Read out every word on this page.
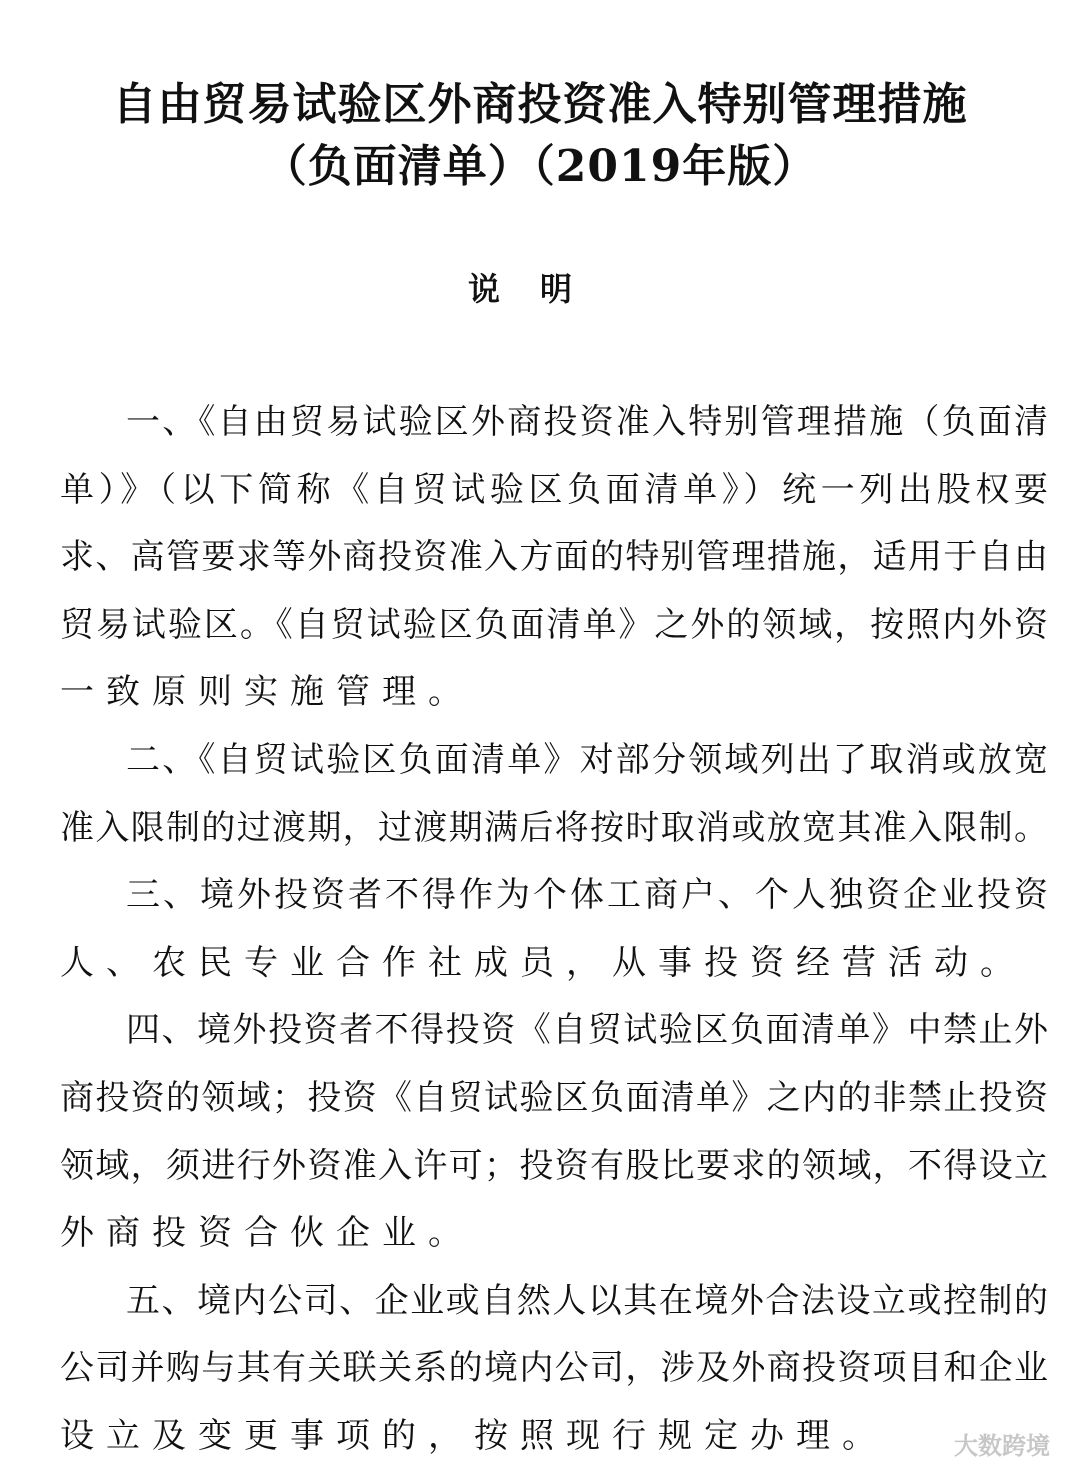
自由贸易试验区外商投资准入特别管理措施
（负面清单）（2019年版）
说明
一、《自由贸易试验区外商投资准入特别管理措施（负面清
单）》（以下简称《自贸试验区负面清单》）统一列出股权要
求、高管要求等外商投资准入方面的特别管理措施，适用于自由
贸易试验区。《自贸试验区负面清单》之外的领域，按照内外资
一致原则实施管理。
二、《自贸试验区负面清单》对部分领域列出了取消或放宽
准入限制的过渡期，过渡期满后将按时取消或放宽其准入限制。
三、境外投资者不得作为个体工商户、个人独资企业投资
人、农民专业合作社成员，从事投资经营活动。
四、境外投资者不得投资《自贸试验区负面清单》中禁止外
商投资的领域；投资《自贸试验区负面清单》之内的非禁止投资
领域，须进行外资准入许可；投资有股比要求的领域，不得设立
外商投资合伙企业。
五、境内公司、企业或自然人以其在境外合法设立或控制的
公司并购与其有关联关系的境内公司，涉及外商投资项目和企业
设立及变更事项的，按照现行规定办理。	大数跨境
